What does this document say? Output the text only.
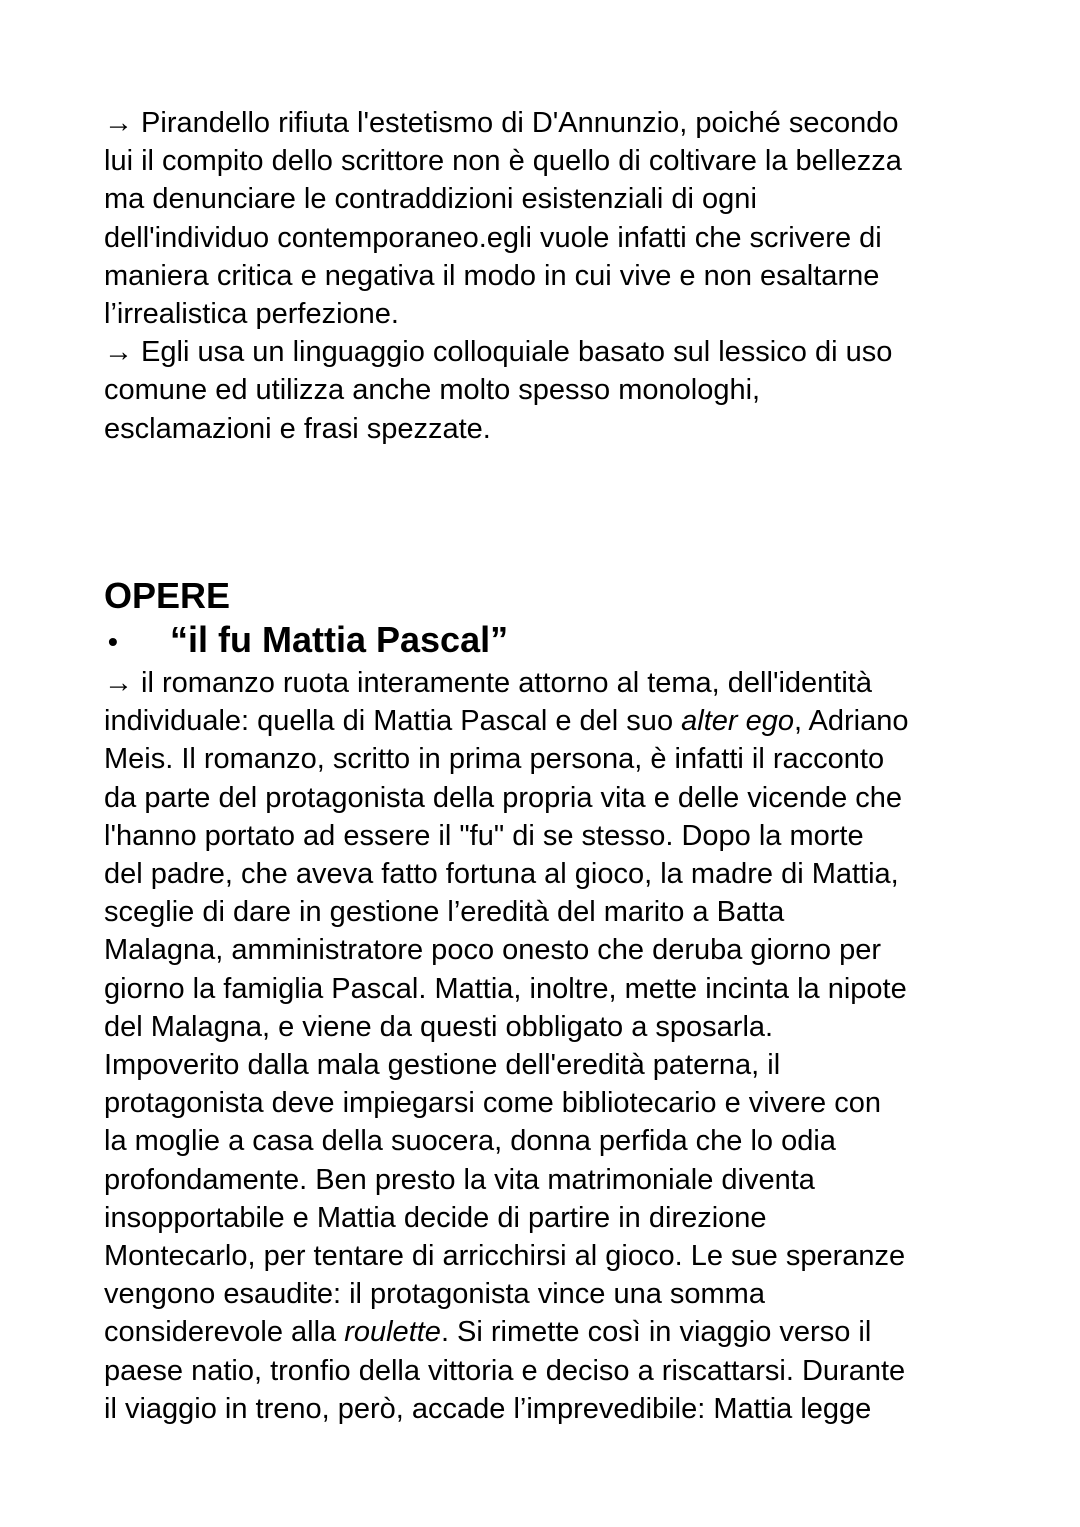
→ Pirandello rifiuta l'estetismo di D'Annunzio, poiché secondo
lui il compito dello scrittore non è quello di coltivare la bellezza
ma denunciare le contraddizioni esistenziali di ogni
dell'individuo contemporaneo.egli vuole infatti che scrivere di
maniera critica e negativa il modo in cui vive e non esaltarne
l’irrealistica perfezione.
→ Egli usa un linguaggio colloquiale basato sul lessico di uso
comune ed utilizza anche molto spesso monologhi,
esclamazioni e frasi spezzate.

OPERE
• “il fu Mattia Pascal”

→ il romanzo ruota interamente attorno al tema, dell'identità
individuale: quella di Mattia Pascal e del suo alter ego, Adriano
Meis. Il romanzo, scritto in prima persona, è infatti il racconto
da parte del protagonista della propria vita e delle vicende che
l'hanno portato ad essere il "fu" di se stesso. Dopo la morte
del padre, che aveva fatto fortuna al gioco, la madre di Mattia,
sceglie di dare in gestione l’eredità del marito a Batta
Malagna, amministratore poco onesto che deruba giorno per
giorno la famiglia Pascal. Mattia, inoltre, mette incinta la nipote
del Malagna, e viene da questi obbligato a sposarla.
Impoverito dalla mala gestione dell'eredità paterna, il
protagonista deve impiegarsi come bibliotecario e vivere con
la moglie a casa della suocera, donna perfida che lo odia
profondamente. Ben presto la vita matrimoniale diventa
insopportabile e Mattia decide di partire in direzione
Montecarlo, per tentare di arricchirsi al gioco. Le sue speranze
vengono esaudite: il protagonista vince una somma
considerevole alla roulette. Si rimette così in viaggio verso il
paese natio, tronfio della vittoria e deciso a riscattarsi. Durante
il viaggio in treno, però, accade l’imprevedibile: Mattia legge
